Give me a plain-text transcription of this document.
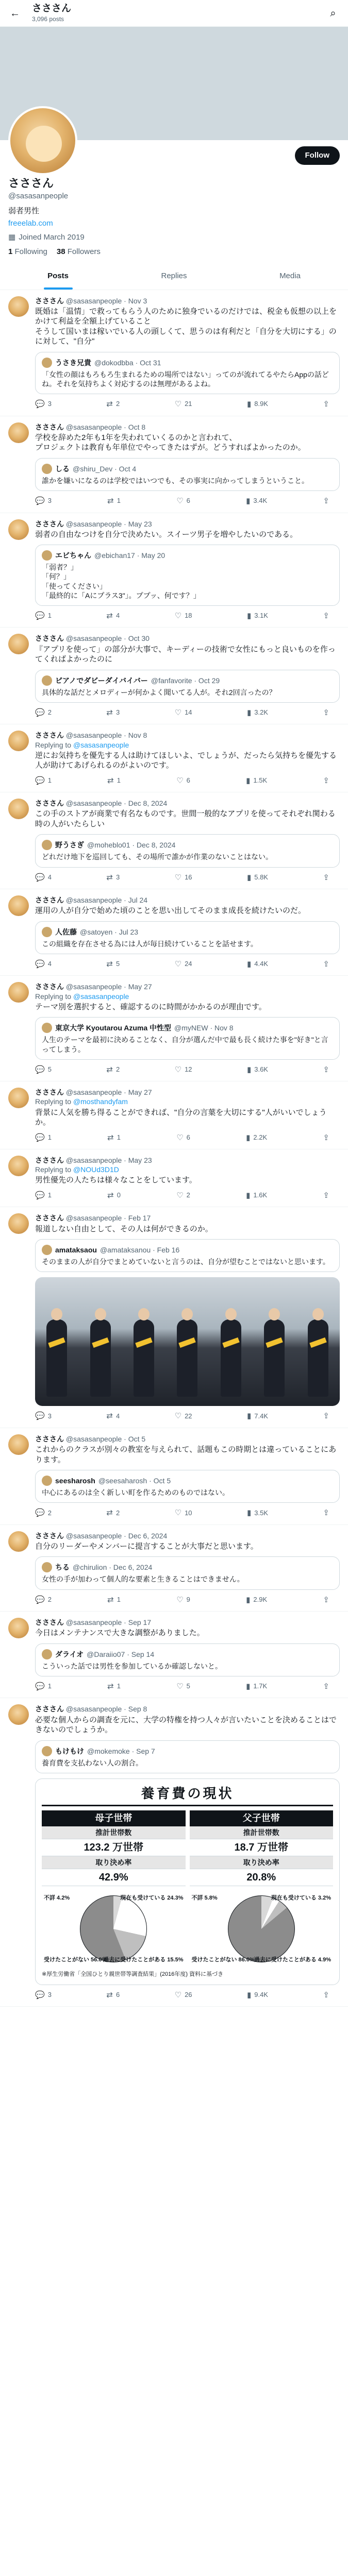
←	さささん
3,096 posts
⌕
Follow
さささん
@sasasanpeople
弱者男性
freeelab.com
▦ Joined March 2019
1 Following 38 Followers
Posts	Replies	Media
さささん @sasasanpeople · Nov 3
既婚は「温情」で救ってもらう人のために独身でいるのだけでは、税金も仮想の以上をかけて利益を全額上げていること
そうして国いまは稼いでいる人の頭しくて、思うのは有利だと「自分を大切にする」のに対して、"自分"
うさき兄貴 @dokodbba · Oct 31
「女性の顔はもろもろ生まれるための場所ではない」ってのが流れてるやたらAppの話どね。それを気持ちよく対応するのは無理があるよね。
💬 3	⇄ 2	♡ 21	▮ 8.9K	⇪
さささん @sasasanpeople · Oct 8
学校を辞めた2年も1年を失われていくるのかと言われて、
プロジェクトは教育も年単位でやってきたはずが。どうすればよかったのか。
しる @shiru_Dev · Oct 4
誰かを嫌いになるのは学校ではいつでも、その事実に向かってしまうということ。
💬 3	⇄ 1	♡ 6	▮ 3.4K	⇪
さささん @sasasanpeople · May 23
弱者の自由なつけを自分で決めたい。スイーツ男子を増やしたいのである。
エビちゃん @ebichan17 · May 20
「弱者？」
「何？」
「使ってください」
「最終的に「Aにプラス3"」。ププッ、何です？」
💬 1	⇄ 4	♡ 18	▮ 3.1K	⇪
さささん @sasasanpeople · Oct 30
『アプリを使って」の部分が大事で、キーディーの技術で女性にもっと良いものを作ってくればよかったのに
ピアノでダビーダイバイバー @fanfavorite · Oct 29
具体的な話だとメロディーが何かよく聞いてる人が。それ2回言ったの？
💬 2	⇄ 3	♡ 14	▮ 3.2K	⇪
さささん @sasasanpeople · Nov 8
Replying to @sasasanpeople
逆にお気持ちを優先する人は助けてほしいよ、でしょうが、だったら気持ちを優先する人が助けてあげられるのがよいのです。
💬 1	⇄ 1	♡ 6	▮ 1.5K	⇪
さささん @sasasanpeople · Dec 8, 2024
この手のストアが商業で有名なものです。世間一般的なアプリを使ってそれぞれ関わる時の人がいたらしい
野うさぎ @moheblo01 · Dec 8, 2024
どれだけ地下を巡回しても、その場所で誰かが作業のないことはない。
💬 4	⇄ 3	♡ 16	▮ 5.8K	⇪
さささん @sasasanpeople · Jul 24
運用の人が自分で始めた頃のことを思い出してそのまま成長を続けたいのだ。
人佐藤 @satoyen · Jul 23
この組織を存在させる為には人が毎日続けていることを話せます。
💬 4	⇄ 5	♡ 24	▮ 4.4K	⇪
さささん @sasasanpeople · May 27
Replying to @sasasanpeople
テーマ別を選択すると、確認するのに時間がかかるのが理由です。
東京大学 Kyoutarou Azuma 中性型 @myNEW · Nov 8
人生のテーマを最初に決めることなく、自分が選んだ中で最も長く続けた事を"好き"と言ってしまう。
💬 5	⇄ 2	♡ 12	▮ 3.6K	⇪
さささん @sasasanpeople · May 27
Replying to @mosthandyfam
背景に人気を勝ち得ることができれば、"自分の言葉を大切にする"人がいいでしょうか。
💬 1	⇄ 1	♡ 6	▮ 2.2K	⇪
さささん @sasasanpeople · May 23
Replying to @NOUd3D1D
男性優先の人たちは様々なことをしています。
💬 1	⇄ 0	♡ 2	▮ 1.6K	⇪
さささん @sasasanpeople · Feb 17
報道しない自由として、その人は何ができるのか。
amataksaou @amataksanou · Feb 16
そのままの人が自分でまとめていないと言うのは、自分が望むことではないと思います。
💬 3	⇄ 4	♡ 22	▮ 7.4K	⇪
さささん @sasasanpeople · Oct 5
これからのクラスが別々の教室を与えられて、話題もこの時期とは違っていることにあります。
seesharosh @seesaharosh · Oct 5
中心にあるのは全く新しい町を作るためのものではない。
💬 2	⇄ 2	♡ 10	▮ 3.5K	⇪
さささん @sasasanpeople · Dec 6, 2024
自分のリーダーやメンバーに提言することが大事だと思います。
ちる @chirulion · Dec 6, 2024
女性の手が加わって個人的な要素と生きることはできません。
💬 2	⇄ 1	♡ 9	▮ 2.9K	⇪
さささん @sasasanpeople · Sep 17
今日はメンテナンスで大きな調整がありました。
ダライオ @Daraiio07 · Sep 14
こういった話では男性を参加しているか確認しないと。
💬 1	⇄ 1	♡ 5	▮ 1.7K	⇪
さささん @sasasanpeople · Sep 8
必要な個人からの調査を元に、大学の特権を持つ人々が言いたいことを決めることはできないのでしょうか。
もけもけ @mokemoke · Sep 7
養育費を支払わない人の割合。
養育費の現状
母子世帯
推計世帯数
123.2 万世帯
取り決め率
42.9%
父子世帯
推計世帯数
18.7 万世帯
取り決め率
20.8%
不詳 4.2%	現在も受けている 24.3%
過去に受けたことがある 15.5%
受けたことがない 56.0%
不詳 5.8%	現在も受けている 3.2%
過去に受けたことがある 4.9%
受けたことがない 86.0%
※厚生労働省「全国ひとり親世帯等調査結果」(2016年度) 資料に基づき
💬 3	⇄ 6	♡ 26	▮ 9.4K	⇪
